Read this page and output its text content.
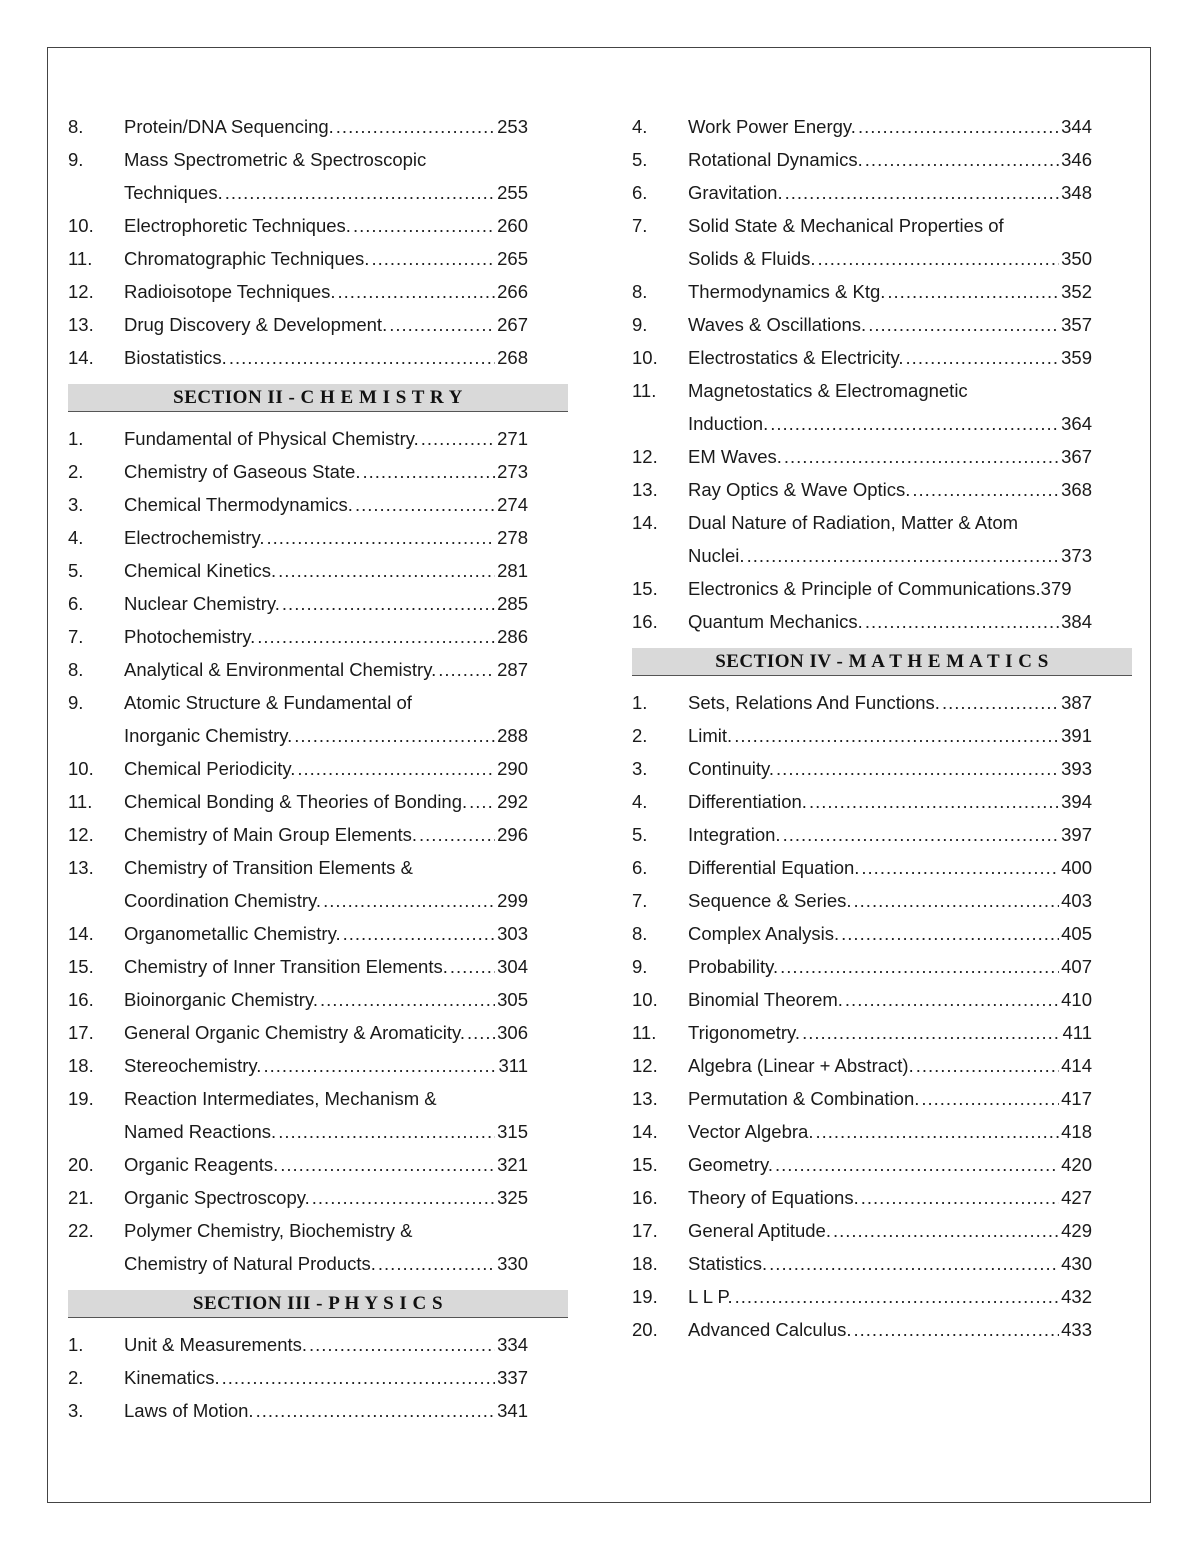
8.	Protein/DNA Sequencing. .....	253
9.	Mass Spectrometric & Spectroscopic
Techniques. .....	255
10.	Electrophoretic Techniques. .....	260
11.	Chromatographic Techniques. .....	265
12.	Radioisotope Techniques. .....	266
13.	Drug Discovery & Development. .....	267
14.	Biostatistics. .....	268
SECTION II - C H E M I S T R Y
1.	Fundamental of Physical Chemistry. .....	271
2.	Chemistry of Gaseous State. .....	273
3.	Chemical Thermodynamics. .....	274
4.	Electrochemistry. .....	278
5.	Chemical Kinetics. .....	281
6.	Nuclear Chemistry. .....	285
7.	Photochemistry. .....	286
8.	Analytical & Environmental Chemistry. .....	287
9.	Atomic Structure & Fundamental of
Inorganic Chemistry. .....	288
10.	Chemical Periodicity. .....	290
11.	Chemical Bonding & Theories of Bonding. ..... 292
12.	Chemistry of Main Group Elements. .....	296
13.	Chemistry of Transition Elements &
Coordination Chemistry. .....	299
14.	Organometallic Chemistry. .....	303
15.	Chemistry of Inner Transition Elements. .....	304
16.	Bioinorganic Chemistry. .....	305
17.	General Organic Chemistry & Aromaticity. ..... 306
18.	Stereochemistry. .....	311
19.	Reaction Intermediates, Mechanism &
Named Reactions. .....	315
20.	Organic Reagents. .....	321
21.	Organic Spectroscopy. .....	325
22.	Polymer Chemistry, Biochemistry &
Chemistry of Natural Products. .....	330
SECTION III - P H Y S I C S
1.	Unit & Measurements. .....	334
2.	Kinematics. .....	337
3.	Laws of Motion. .....	341
4.	Work Power Energy. .....	344
5.	Rotational Dynamics. .....	346
6.	Gravitation. .....	348
7.	Solid State & Mechanical Properties of
Solids & Fluids. .....	350
8.	Thermodynamics & Ktg. .....	352
9.	Waves & Oscillations. .....	357
10.	Electrostatics & Electricity. .....	359
11.	Magnetostatics & Electromagnetic
Induction. .....	364
12.	EM Waves. .....	367
13.	Ray Optics & Wave Optics. .....	368
14.	Dual Nature of Radiation, Matter & Atom
Nuclei. .....	373
15.	Electronics & Principle of Communications. 379
16.	Quantum Mechanics. .....	384
SECTION IV - M A T H E M A T I C S
1.	Sets, Relations And Functions. .....	387
2.	Limit. .....	391
3.	Continuity. .....	393
4.	Differentiation. .....	394
5.	Integration. .....	397
6.	Differential Equation. .....	400
7.	Sequence & Series. .....	403
8.	Complex Analysis. .....	405
9.	Probability. .....	407
10.	Binomial Theorem. .....	410
11.	Trigonometry. .....	411
12.	Algebra (Linear + Abstract). .....	414
13.	Permutation & Combination. .....	417
14.	Vector Algebra. .....	418
15.	Geometry. .....	420
16.	Theory of Equations. .....	427
17.	General Aptitude. .....	429
18.	Statistics. .....	430
19.	L L P. .....	432
20.	Advanced Calculus. .....	433
